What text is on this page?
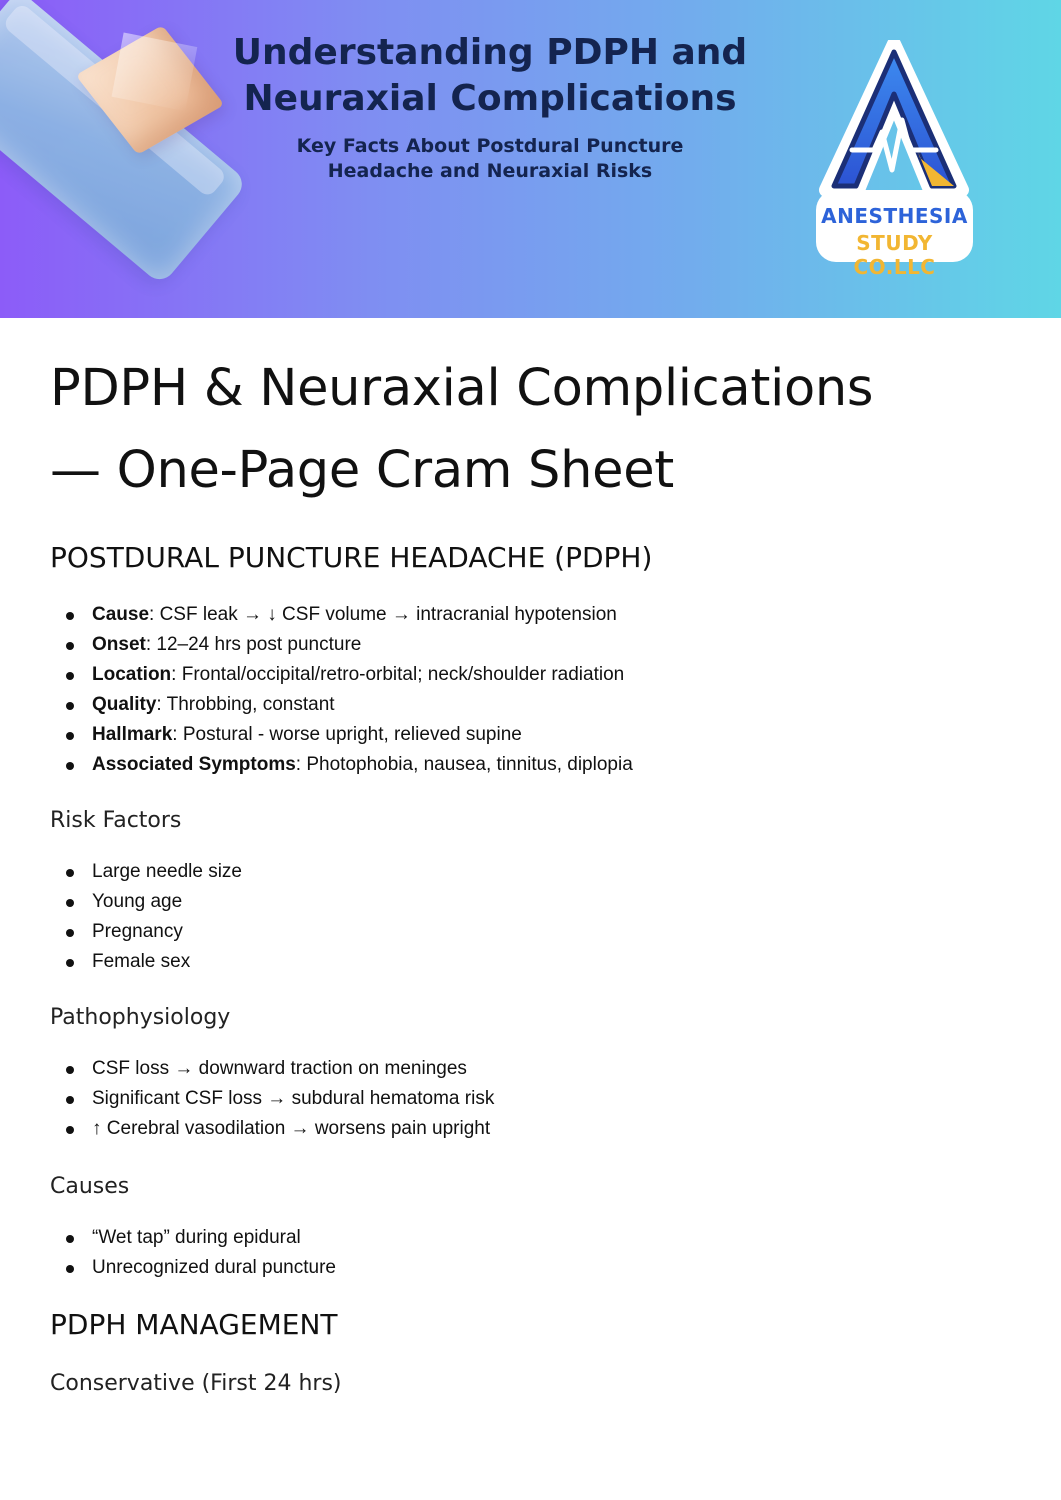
Understanding PDPH and
Neuraxial Complications

Key Facts About Postdural Puncture
Headache and Neuraxial Risks

ANESTHESIA
STUDY CO.LLC
PDPH & Neuraxial Complications
— One-Page Cram Sheet
POSTDURAL PUNCTURE HEADACHE (PDPH)
Cause: CSF leak → ↓ CSF volume → intracranial hypotension
Onset: 12–24 hrs post puncture
Location: Frontal/occipital/retro-orbital; neck/shoulder radiation
Quality: Throbbing, constant
Hallmark: Postural - worse upright, relieved supine
Associated Symptoms: Photophobia, nausea, tinnitus, diplopia
Risk Factors
Large needle size
Young age
Pregnancy
Female sex
Pathophysiology
CSF loss → downward traction on meninges
Significant CSF loss → subdural hematoma risk
↑ Cerebral vasodilation → worsens pain upright
Causes
“Wet tap” during epidural
Unrecognized dural puncture
PDPH MANAGEMENT
Conservative (First 24 hrs)
